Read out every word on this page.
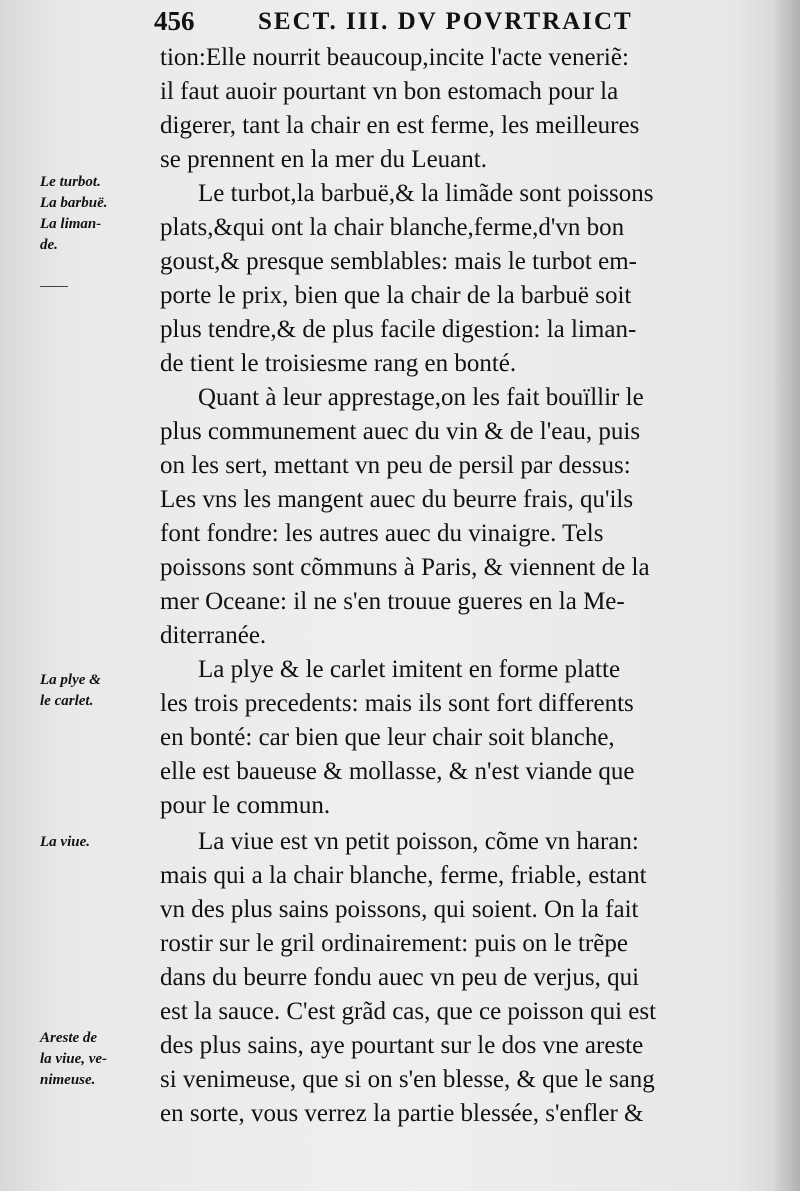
456	SECT. III. DV POVRTRAICT
Le turbot.
La barbuë.
La liman-
de.
La plye &
le carlet.
La viue.
Areste de
la viue, ve-
nimeuse.
tion:Elle nourrit beaucoup,incite l'acte veneriẽ:
il faut auoir pourtant vn bon estomach pour la
digerer, tant la chair en est ferme, les meilleures
se prennent en la mer du Leuant.
Le turbot,la barbuë,& la limãde sont poissons
plats,&qui ont la chair blanche,ferme,d'vn bon
goust,& presque semblables: mais le turbot em-
porte le prix, bien que la chair de la barbuë soit
plus tendre,& de plus facile digestion: la liman-
de tient le troisiesme rang en bonté.
Quant à leur apprestage,on les fait bouïllir le
plus communement auec du vin & de l'eau, puis
on les sert, mettant vn peu de persil par dessus:
Les vns les mangent auec du beurre frais, qu'ils
font fondre: les autres auec du vinaigre. Tels
poissons sont cõmmuns à Paris, & viennent de la
mer Oceane: il ne s'en trouue gueres en la Me-
diterranée.
La plye & le carlet imitent en forme platte
les trois precedents: mais ils sont fort differents
en bonté: car bien que leur chair soit blanche,
elle est baueuse & mollasse, & n'est viande que
pour le commun.
La viue est vn petit poisson, cõme vn haran:
mais qui a la chair blanche, ferme, friable, estant
vn des plus sains poissons, qui soient. On la fait
rostir sur le gril ordinairement: puis on le trẽpe
dans du beurre fondu auec vn peu de verjus, qui
est la sauce. C'est grãd cas, que ce poisson qui est
des plus sains, aye pourtant sur le dos vne areste
si venimeuse, que si on s'en blesse, & que le sang
en sorte, vous verrez la partie blessée, s'enfler &
